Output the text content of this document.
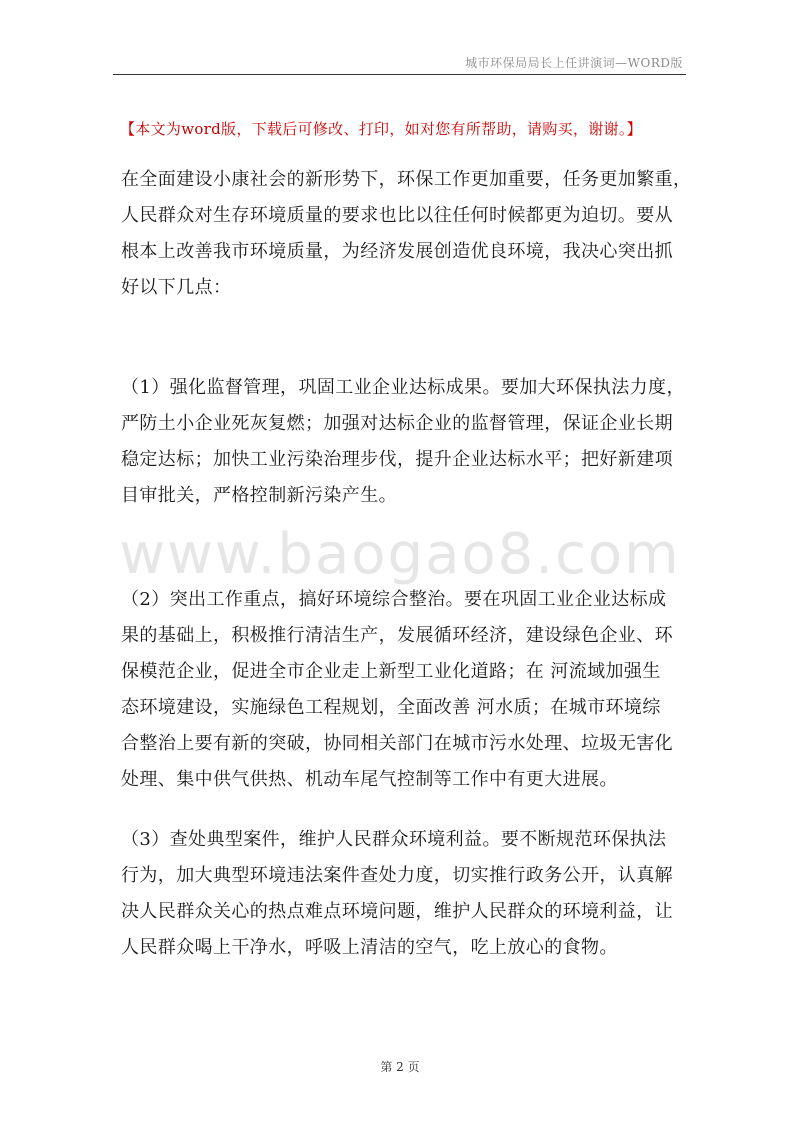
城市环保局局长上任讲演词—WORD版
【本文为word版，下载后可修改、打印，如对您有所帮助，请购买，谢谢。】
www.baogao8.com
在全面建设小康社会的新形势下，环保工作更加重要，任务更加繁重，
人民群众对生存环境质量的要求也比以往任何时候都更为迫切。要从
根本上改善我市环境质量，为经济发展创造优良环境，我决心突出抓
好以下几点：
（1）强化监督管理，巩固工业企业达标成果。要加大环保执法力度，
严防土小企业死灰复燃；加强对达标企业的监督管理，保证企业长期
稳定达标；加快工业污染治理步伐，提升企业达标水平；把好新建项
目审批关，严格控制新污染产生。
（2）突出工作重点，搞好环境综合整治。要在巩固工业企业达标成
果的基础上，积极推行清洁生产，发展循环经济，建设绿色企业、环
保模范企业，促进全市企业走上新型工业化道路；在 河流域加强生
态环境建设，实施绿色工程规划，全面改善 河水质；在城市环境综
合整治上要有新的突破，协同相关部门在城市污水处理、垃圾无害化
处理、集中供气供热、机动车尾气控制等工作中有更大进展。
（3）查处典型案件，维护人民群众环境利益。要不断规范环保执法
行为，加大典型环境违法案件查处力度，切实推行政务公开，认真解
决人民群众关心的热点难点环境问题，维护人民群众的环境利益，让
人民群众喝上干净水，呼吸上清洁的空气，吃上放心的食物。
第 2 页
